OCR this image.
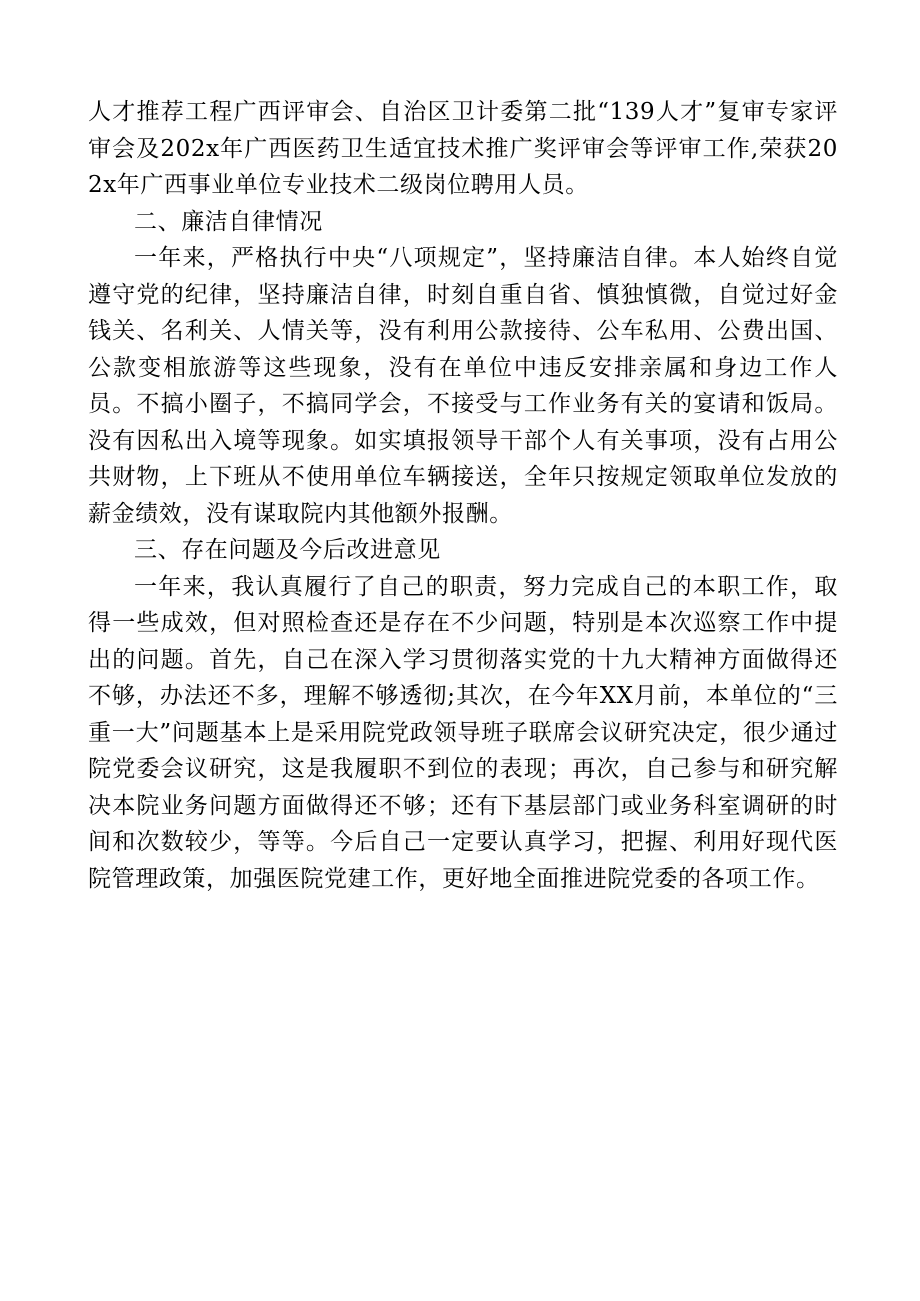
人才推荐工程广西评审会、自治区卫计委第二批“139人才”复审专家评审会及202x年广西医药卫生适宜技术推广奖评审会等评审工作,荣获202x年广西事业单位专业技术二级岗位聘用人员。

二、廉洁自律情况

一年来，严格执行中央“八项规定”，坚持廉洁自律。本人始终自觉遵守党的纪律，坚持廉洁自律，时刻自重自省、慎独慎微，自觉过好金钱关、名利关、人情关等，没有利用公款接待、公车私用、公费出国、公款变相旅游等这些现象，没有在单位中违反安排亲属和身边工作人员。不搞小圈子，不搞同学会，不接受与工作业务有关的宴请和饭局。没有因私出入境等现象。如实填报领导干部个人有关事项，没有占用公共财物，上下班从不使用单位车辆接送，全年只按规定领取单位发放的薪金绩效，没有谋取院内其他额外报酬。

三、存在问题及今后改进意见

一年来，我认真履行了自己的职责，努力完成自己的本职工作，取得一些成效，但对照检查还是存在不少问题，特别是本次巡察工作中提出的问题。首先，自己在深入学习贯彻落实党的十九大精神方面做得还不够，办法还不多，理解不够透彻;其次，在今年XX月前，本单位的“三重一大”问题基本上是采用院党政领导班子联席会议研究决定，很少通过院党委会议研究，这是我履职不到位的表现；再次，自己参与和研究解决本院业务问题方面做得还不够；还有下基层部门或业务科室调研的时间和次数较少，等等。今后自己一定要认真学习，把握、利用好现代医院管理政策，加强医院党建工作，更好地全面推进院党委的各项工作。
